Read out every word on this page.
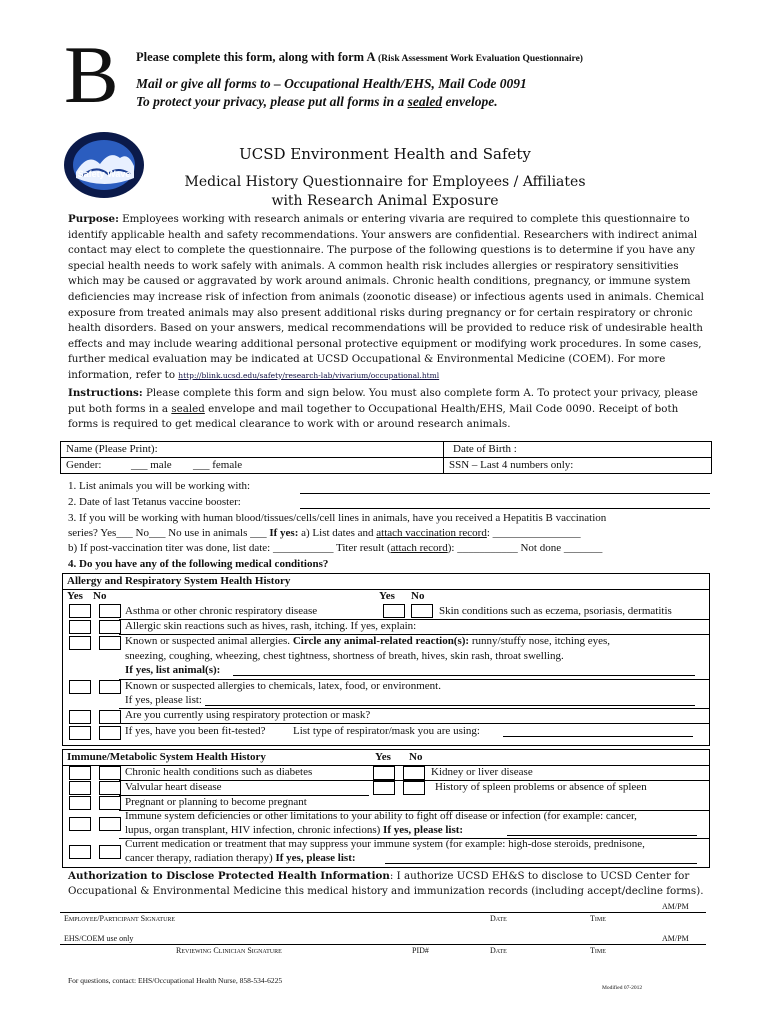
B Please complete this form, along with form A (Risk Assessment Work Evaluation Questionnaire)
Mail or give all forms to – Occupational Health/EHS, Mail Code 0091
To protect your privacy, please put all forms in a sealed envelope.
Safety Wave
UCSD Environment Health and Safety
Medical History Questionnaire for Employees / Affiliates
with Research Animal Exposure
Purpose: Employees working with research animals or entering vivaria are required to complete this questionnaire to identify applicable health and safety recommendations. Your answers are confidential. Researchers with indirect animal contact may elect to complete the questionnaire. The purpose of the following questions is to determine if you have any special health needs to work safely with animals. A common health risk includes allergies or respiratory sensitivities which may be caused or aggravated by work around animals. Chronic health conditions, pregnancy, or immune system deficiencies may increase risk of infection from animals (zoonotic disease) or infectious agents used in animals. Chemical exposure from treated animals may also present additional risks during pregnancy or for certain respiratory or chronic health disorders. Based on your answers, medical recommendations will be provided to reduce risk of undesirable health effects and may include wearing additional personal protective equipment or modifying work procedures. In some cases, further medical evaluation may be indicated at UCSD Occupational & Environmental Medicine (COEM). For more information, refer to http://blink.ucsd.edu/safety/research-lab/vivarium/occupational.html
Instructions: Please complete this form and sign below. You must also complete form A. To protect your privacy, please put both forms in a sealed envelope and mail together to Occupational Health/EHS, Mail Code 0090. Receipt of both forms is required to get medical clearance to work with or around research animals.
Name (Please Print):	Date of Birth :
Gender:	___ male ___ female	SSN – Last 4 numbers only:
1. List animals you will be working with:
2. Date of last Tetanus vaccine booster:
3. If you will be working with human blood/tissues/cells/cell lines in animals, have you received a Hepatitis B vaccination
series? Yes___ No___ No use in animals ___ If yes: a) List dates and attach vaccination record: ________________
b) If post-vaccination titer was done, list date: ___________ Titer result (attach record): ___________ Not done _______
4. Do you have any of the following medical conditions?
Allergy and Respiratory System Health History
Yes No	Yes No
Asthma or other chronic respiratory disease	Skin conditions such as eczema, psoriasis, dermatitis
Allergic skin reactions such as hives, rash, itching. If yes, explain:
Known or suspected animal allergies. Circle any animal-related reaction(s): runny/stuffy nose, itching eyes,
sneezing, coughing, wheezing, chest tightness, shortness of breath, hives, skin rash, throat swelling.
If yes, list animal(s):
Known or suspected allergies to chemicals, latex, food, or environment.
If yes, please list:
Are you currently using respiratory protection or mask?
If yes, have you been fit-tested?	List type of respirator/mask you are using:
Immune/Metabolic System Health History	Yes No
Chronic health conditions such as diabetes	Kidney or liver disease
Valvular heart disease	History of spleen problems or absence of spleen
Pregnant or planning to become pregnant
Immune system deficiencies or other limitations to your ability to fight off disease or infection (for example: cancer,
lupus, organ transplant, HIV infection, chronic infections) If yes, please list:
Current medication or treatment that may suppress your immune system (for example: high-dose steroids, prednisone,
cancer therapy, radiation therapy) If yes, please list:
Authorization to Disclose Protected Health Information: I authorize UCSD EH&S to disclose to UCSD Center for Occupational & Environmental Medicine this medical history and immunization records (including accept/decline forms).
AM/PM
Employee/Participant Signature	Date	Time
EHS/COEM use only	AM/PM
Reviewing Clinician Signature	PID#	Date	Time
For questions, contact: EHS/Occupational Health Nurse, 858-534-6225
Modified 07-2012
